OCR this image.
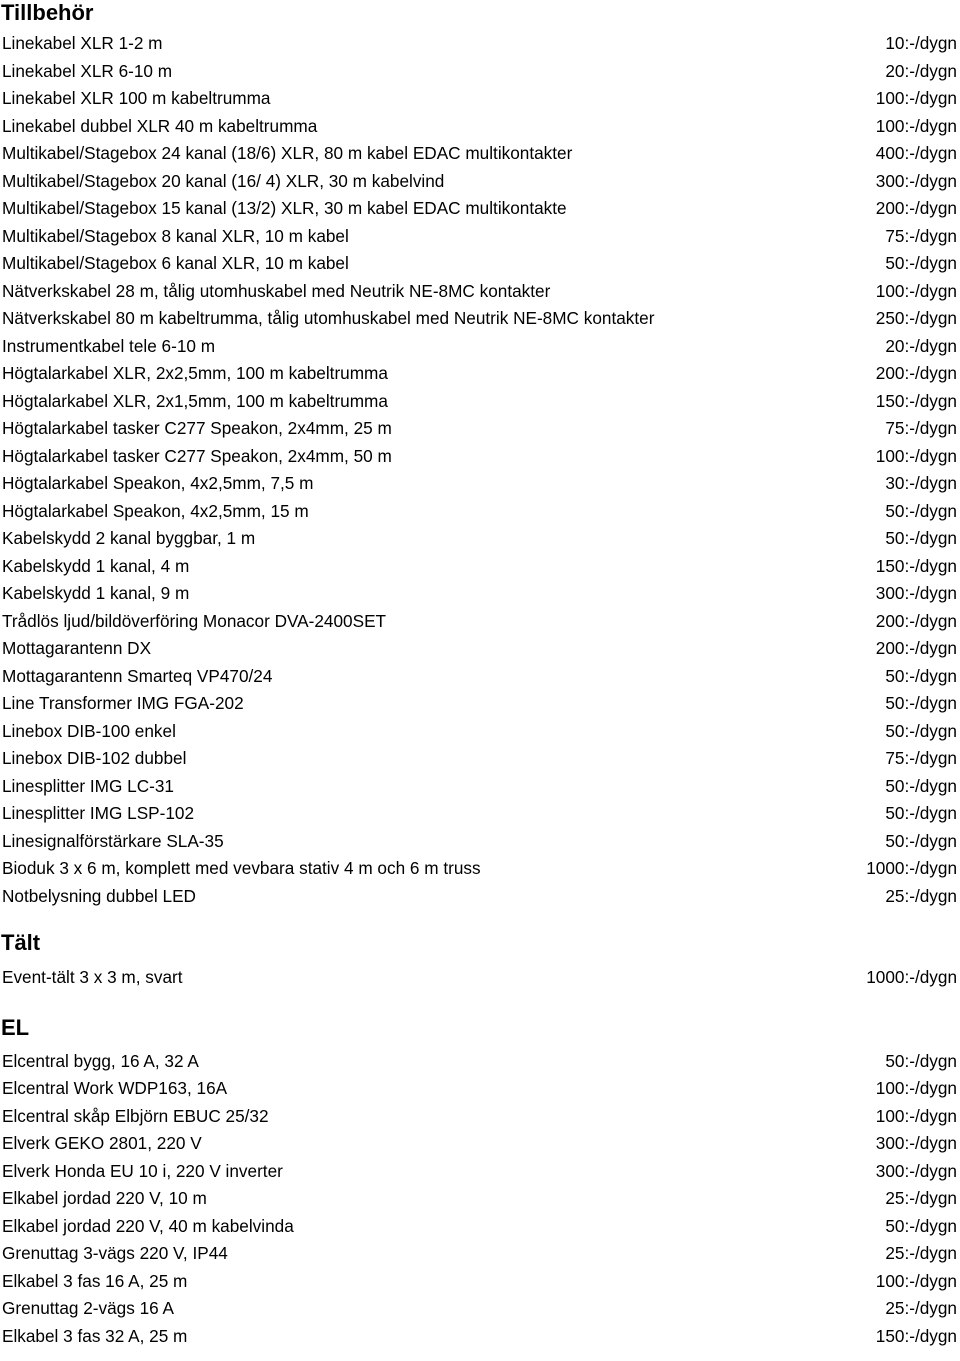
Tillbehör
Linekabel XLR 1-2 m	10:-/dygn
Linekabel XLR 6-10 m	20:-/dygn
Linekabel XLR 100 m kabeltrumma	100:-/dygn
Linekabel dubbel XLR 40 m kabeltrumma	100:-/dygn
Multikabel/Stagebox 24 kanal (18/6) XLR, 80 m kabel EDAC multikontakter	400:-/dygn
Multikabel/Stagebox 20 kanal (16/ 4) XLR, 30 m kabelvind	300:-/dygn
Multikabel/Stagebox 15 kanal (13/2) XLR, 30 m kabel EDAC multikontakte	200:-/dygn
Multikabel/Stagebox 8 kanal XLR, 10 m kabel	75:-/dygn
Multikabel/Stagebox 6 kanal XLR, 10 m kabel	50:-/dygn
Nätverkskabel 28 m, tålig utomhuskabel med Neutrik NE-8MC kontakter	100:-/dygn
Nätverkskabel 80 m kabeltrumma, tålig utomhuskabel med Neutrik NE-8MC kontakter	250:-/dygn
Instrumentkabel tele 6-10 m	20:-/dygn
Högtalarkabel XLR, 2x2,5mm, 100 m kabeltrumma	200:-/dygn
Högtalarkabel XLR, 2x1,5mm, 100 m kabeltrumma	150:-/dygn
Högtalarkabel tasker C277 Speakon, 2x4mm, 25 m	75:-/dygn
Högtalarkabel tasker C277 Speakon, 2x4mm, 50 m	100:-/dygn
Högtalarkabel Speakon, 4x2,5mm, 7,5 m	30:-/dygn
Högtalarkabel Speakon, 4x2,5mm, 15 m	50:-/dygn
Kabelskydd 2 kanal byggbar, 1 m	50:-/dygn
Kabelskydd 1 kanal, 4 m	150:-/dygn
Kabelskydd 1 kanal, 9 m	300:-/dygn
Trådlös ljud/bildöverföring Monacor DVA-2400SET	200:-/dygn
Mottagarantenn DX	200:-/dygn
Mottagarantenn Smarteq VP470/24	50:-/dygn
Line Transformer IMG FGA-202	50:-/dygn
Linebox DIB-100 enkel	50:-/dygn
Linebox DIB-102 dubbel	75:-/dygn
Linesplitter IMG LC-31	50:-/dygn
Linesplitter IMG LSP-102	50:-/dygn
Linesignalförstärkare SLA-35	50:-/dygn
Bioduk 3 x 6 m, komplett med vevbara stativ 4 m och 6 m truss	1000:-/dygn
Notbelysning dubbel LED	25:-/dygn
Tält
Event-tält 3 x 3 m, svart	1000:-/dygn
EL
Elcentral bygg, 16 A, 32 A	50:-/dygn
Elcentral Work WDP163, 16A	100:-/dygn
Elcentral skåp Elbjörn EBUC 25/32	100:-/dygn
Elverk GEKO 2801, 220 V	300:-/dygn
Elverk Honda EU 10 i, 220 V inverter	300:-/dygn
Elkabel jordad 220 V, 10 m	25:-/dygn
Elkabel jordad 220 V, 40 m kabelvinda	50:-/dygn
Grenuttag 3-vägs 220 V, IP44	25:-/dygn
Elkabel 3 fas 16 A, 25 m	100:-/dygn
Grenuttag 2-vägs 16 A	25:-/dygn
Elkabel 3 fas 32 A, 25 m	150:-/dygn
